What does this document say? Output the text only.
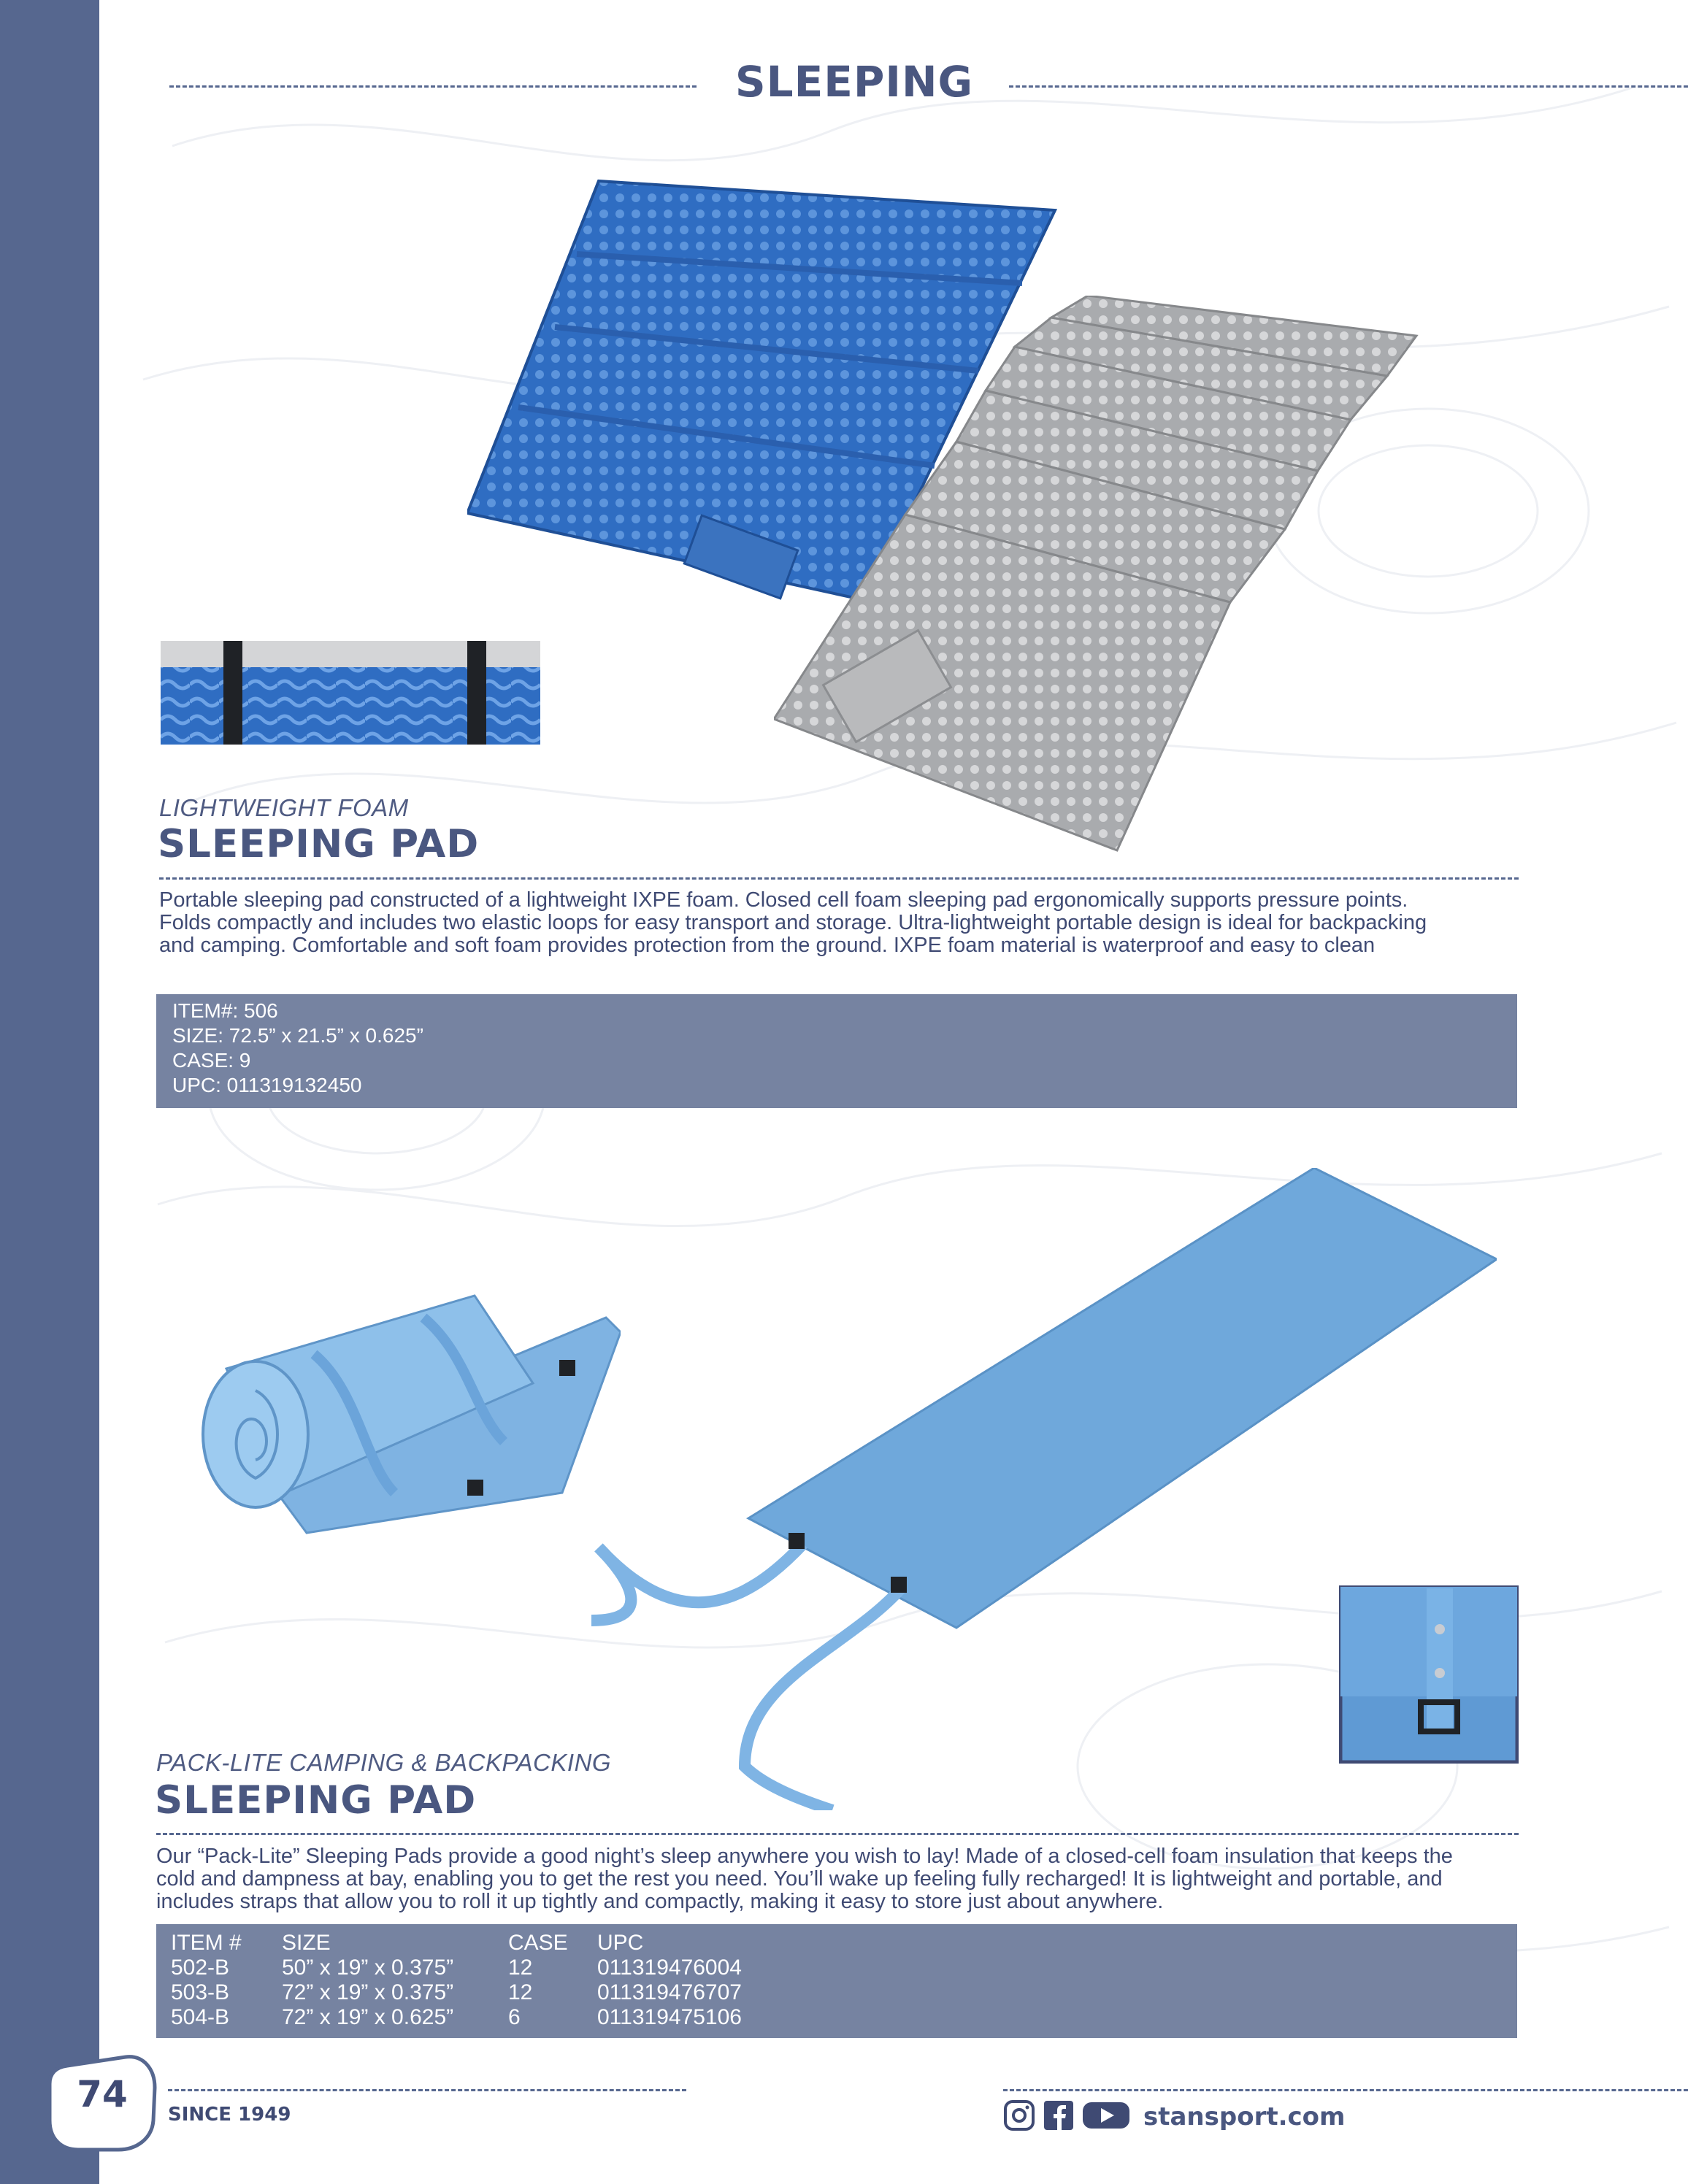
SLEEPING
LIGHTWEIGHT FOAM
SLEEPING PAD
Portable sleeping pad constructed of a lightweight IXPE foam. Closed cell foam sleeping pad ergonomically supports pressure points.
Folds compactly and includes two elastic loops for easy transport and storage. Ultra-lightweight portable design is ideal for backpacking
and camping. Comfortable and soft foam provides protection from the ground. IXPE foam material is waterproof and easy to clean
ITEM#: 506
SIZE: 72.5” x 21.5” x 0.625”
CASE: 9
UPC: 011319132450
PACK-LITE CAMPING & BACKPACKING
SLEEPING PAD
Our “Pack-Lite” Sleeping Pads provide a good night’s sleep anywhere you wish to lay! Made of a closed-cell foam insulation that keeps the
cold and dampness at bay, enabling you to get the rest you need. You’ll wake up feeling fully recharged! It is lightweight and portable, and
includes straps that allow you to roll it up tightly and compactly, making it easy to store just about anywhere.
ITEM #	SIZE	CASE	UPC
502-B	50” x 19” x 0.375”	12	011319476004
503-B	72” x 19” x 0.375”	12	011319476707
504-B	72” x 19” x 0.625”	6	011319475106
74	SINCE 1949	stansport.com
